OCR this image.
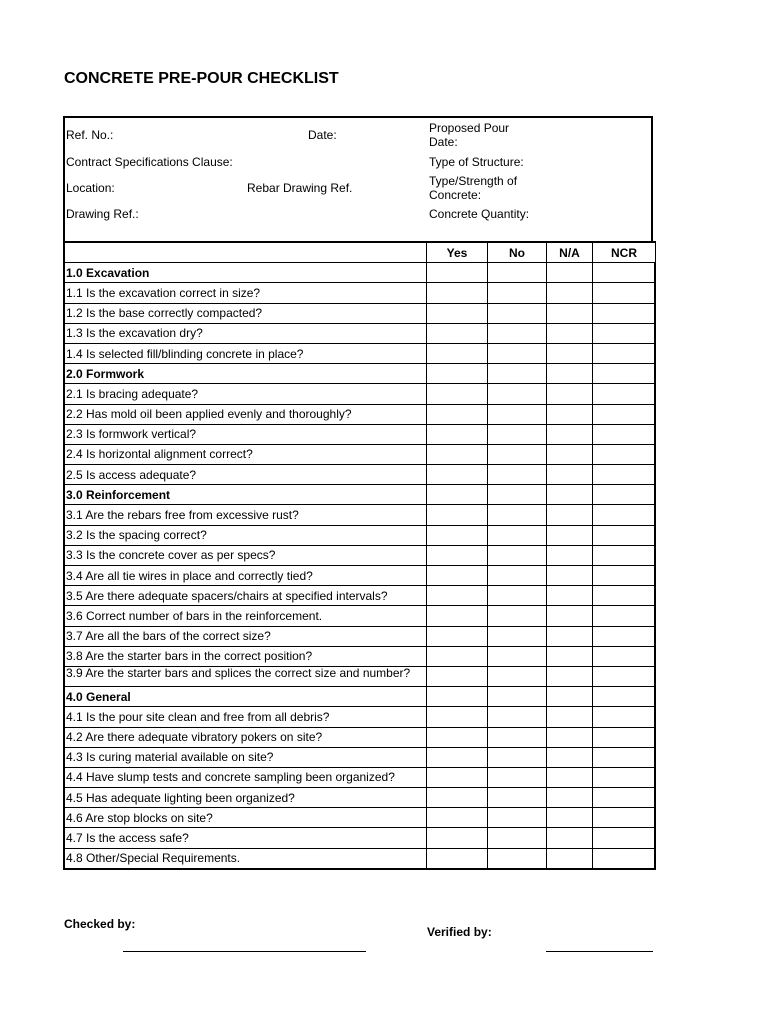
CONCRETE PRE-POUR CHECKLIST
Ref. No.:	Date:	Proposed Pour Date:
Contract Specifications Clause:	Type of Structure:
Location:	Rebar Drawing Ref.	Type/Strength of Concrete:
Drawing Ref.:	Concrete Quantity:
	Yes	No	N/A	NCR
1.0 Excavation				
1.1 Is the excavation correct in size?				
1.2 Is the base correctly compacted?				
1.3 Is the excavation dry?				
1.4 Is selected fill/blinding concrete in place?				
2.0 Formwork				
2.1 Is bracing adequate?				
2.2 Has mold oil been applied evenly and thoroughly?				
2.3 Is formwork vertical?				
2.4 Is horizontal alignment correct?				
2.5 Is access adequate?				
3.0 Reinforcement				
3.1 Are the rebars free from excessive rust?				
3.2 Is the spacing correct?				
3.3 Is the concrete cover as per specs?				
3.4 Are all tie wires in place and correctly tied?				
3.5 Are there adequate spacers/chairs at specified intervals?				
3.6 Correct number of bars in the reinforcement.				
3.7 Are all the bars of the correct size?				
3.8 Are the starter bars in the correct position?				
3.9 Are the starter bars and splices the correct size and number?				
4.0 General				
4.1 Is the pour site clean and free from all debris?				
4.2 Are there adequate vibratory pokers on site?				
4.3 Is curing material available on site?				
4.4 Have slump tests and concrete sampling been organized?				
4.5 Has adequate lighting been organized?				
4.6 Are stop blocks on site?				
4.7 Is the access safe?				
4.8 Other/Special Requirements.				
Checked by:
Verified by:
